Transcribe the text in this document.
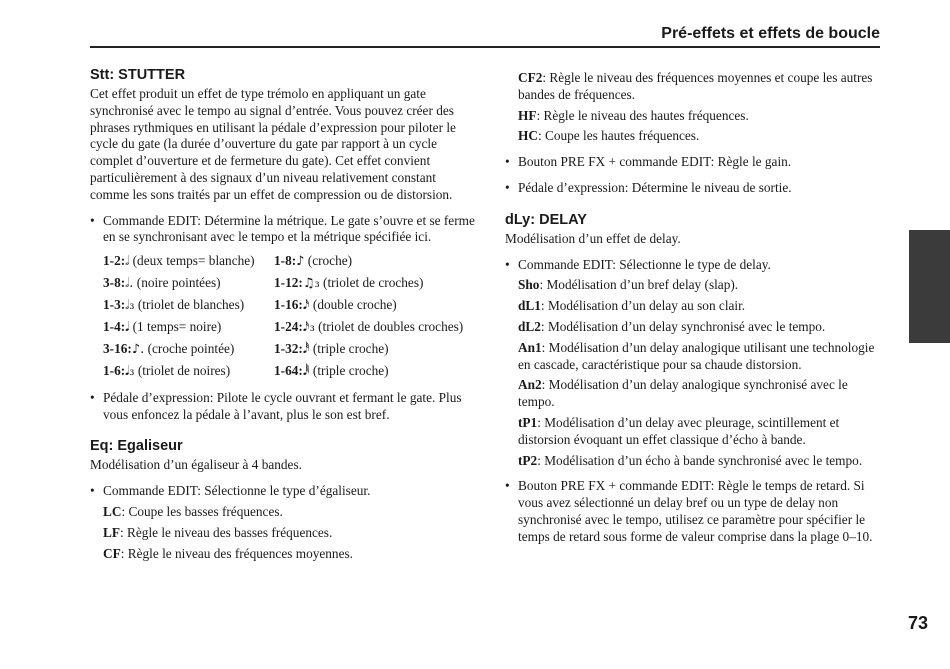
Pré-effets et effets de boucle
73
Stt: STUTTER

Cet effet produit un effet de type trémolo en appliquant un gate synchronisé avec le tempo au signal d’entrée. Vous pouvez créer des phrases rythmiques en utilisant la pédale d’expression pour piloter le cycle du gate (la durée d’ouverture du gate par rapport à un cycle complet d’ouverture et de fermeture du gate). Cet effet convient particulièrement à des signaux d’un niveau relativement constant comme les sons traités par un effet de compression ou de distorsion.

• Commande EDIT: Détermine la métrique. Le gate s’ouvre et se ferme en se synchronisant avec le tempo et la métrique spécifiée ici.

1-2:𝅗𝅥 (deux temps= blanche)	1-8:♪ (croche)
3-8:𝅗𝅥. (noire pointées)	1-12:♫₃ (triolet de croches)
1-3:𝅗𝅥₃ (triolet de blanches)	1-16:𝅘𝅥𝅯 (double croche)
1-4:𝅘𝅥 (1 temps= noire)	1-24:𝅘𝅥𝅯₃ (triolet de doubles croches)
3-16:♪. (croche pointée)	1-32:𝅘𝅥𝅰 (triple croche)
1-6:𝅘𝅥₃ (triolet de noires)	1-64:𝅘𝅥𝅱 (triple croche)

• Pédale d’expression: Pilote le cycle ouvrant et fermant le gate. Plus vous enfoncez la pédale à l’avant, plus le son est bref.

Eq: Egaliseur

Modélisation d’un égaliseur à 4 bandes.

• Commande EDIT: Sélectionne le type d’égaliseur.

LC: Coupe les basses fréquences.

LF: Règle le niveau des basses fréquences.

CF: Règle le niveau des fréquences moyennes.

CF2: Règle le niveau des fréquences moyennes et coupe les autres bandes de fréquences.

HF: Règle le niveau des hautes fréquences.

HC: Coupe les hautes fréquences.

• Bouton PRE FX + commande EDIT: Règle le gain.

• Pédale d’expression: Détermine le niveau de sortie.

dLy: DELAY

Modélisation d’un effet de delay.

• Commande EDIT: Sélectionne le type de delay.

Sho: Modélisation d’un bref delay (slap).

dL1: Modélisation d’un delay au son clair.

dL2: Modélisation d’un delay synchronisé avec le tempo.

An1: Modélisation d’un delay analogique utilisant une technologie en cascade, caractéristique pour sa chaude distorsion.

An2: Modélisation d’un delay analogique synchronisé avec le tempo.

tP1: Modélisation d’un delay avec pleurage, scintillement et distorsion évoquant un effet classique d’écho à bande.

tP2: Modélisation d’un écho à bande synchronisé avec le tempo.

• Bouton PRE FX + commande EDIT: Règle le temps de retard. Si vous avez sélectionné un delay bref ou un type de delay non synchronisé avec le tempo, utilisez ce paramètre pour spécifier le temps de retard sous forme de valeur comprise dans la plage 0–10.
